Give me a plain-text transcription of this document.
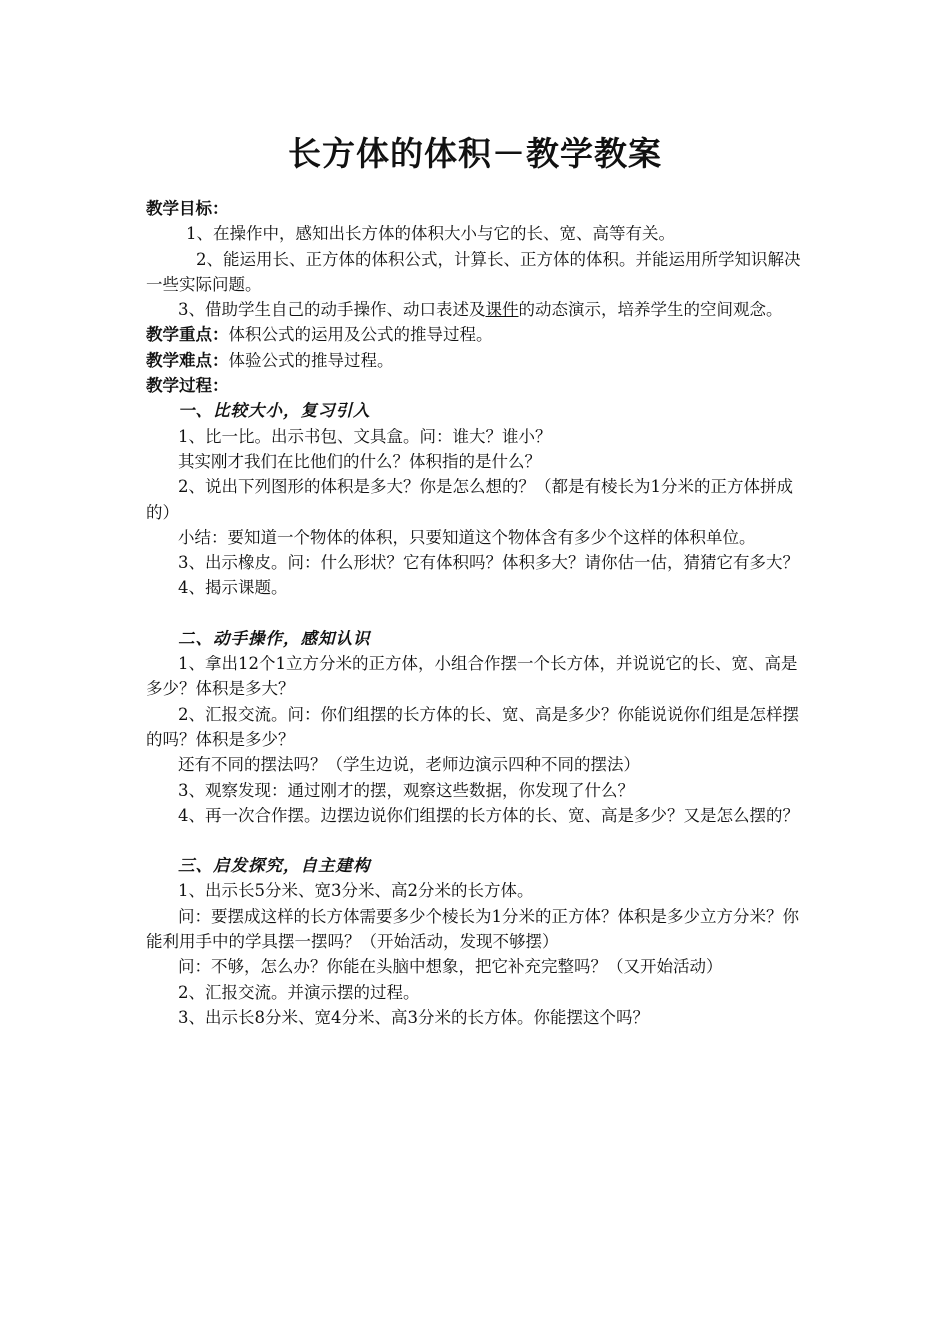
长方体的体积－教学教案

教学目标：

1、在操作中，感知出长方体的体积大小与它的长、宽、高等有关。

2、能运用长、正方体的体积公式，计算长、正方体的体积。并能运用所学知识解决一些实际问题。

3、借助学生自己的动手操作、动口表述及课件的动态演示，培养学生的空间观念。

教学重点：体积公式的运用及公式的推导过程。

教学难点：体验公式的推导过程。

教学过程：

一、比较大小，复习引入

1、比一比。出示书包、文具盒。问：谁大？谁小？

其实刚才我们在比他们的什么？体积指的是什么？

2、说出下列图形的体积是多大？你是怎么想的？（都是有棱长为1分米的正方体拼成的）

小结：要知道一个物体的体积，只要知道这个物体含有多少个这样的体积单位。

3、出示橡皮。问：什么形状？它有体积吗？体积多大？请你估一估，猜猜它有多大？

4、揭示课题。

二、动手操作，感知认识

1、拿出12个1立方分米的正方体，小组合作摆一个长方体，并说说它的长、宽、高是多少？体积是多大？

2、汇报交流。问：你们组摆的长方体的长、宽、高是多少？你能说说你们组是怎样摆的吗？体积是多少？

还有不同的摆法吗？（学生边说，老师边演示四种不同的摆法）

3、观察发现：通过刚才的摆，观察这些数据，你发现了什么？

4、再一次合作摆。边摆边说你们组摆的长方体的长、宽、高是多少？又是怎么摆的？

三、启发探究，自主建构

1、出示长5分米、宽3分米、高2分米的长方体。

问：要摆成这样的长方体需要多少个棱长为1分米的正方体？体积是多少立方分米？你能利用手中的学具摆一摆吗？（开始活动，发现不够摆）

问：不够，怎么办？你能在头脑中想象，把它补充完整吗？（又开始活动）

2、汇报交流。并演示摆的过程。

3、出示长8分米、宽4分米、高3分米的长方体。你能摆这个吗？
